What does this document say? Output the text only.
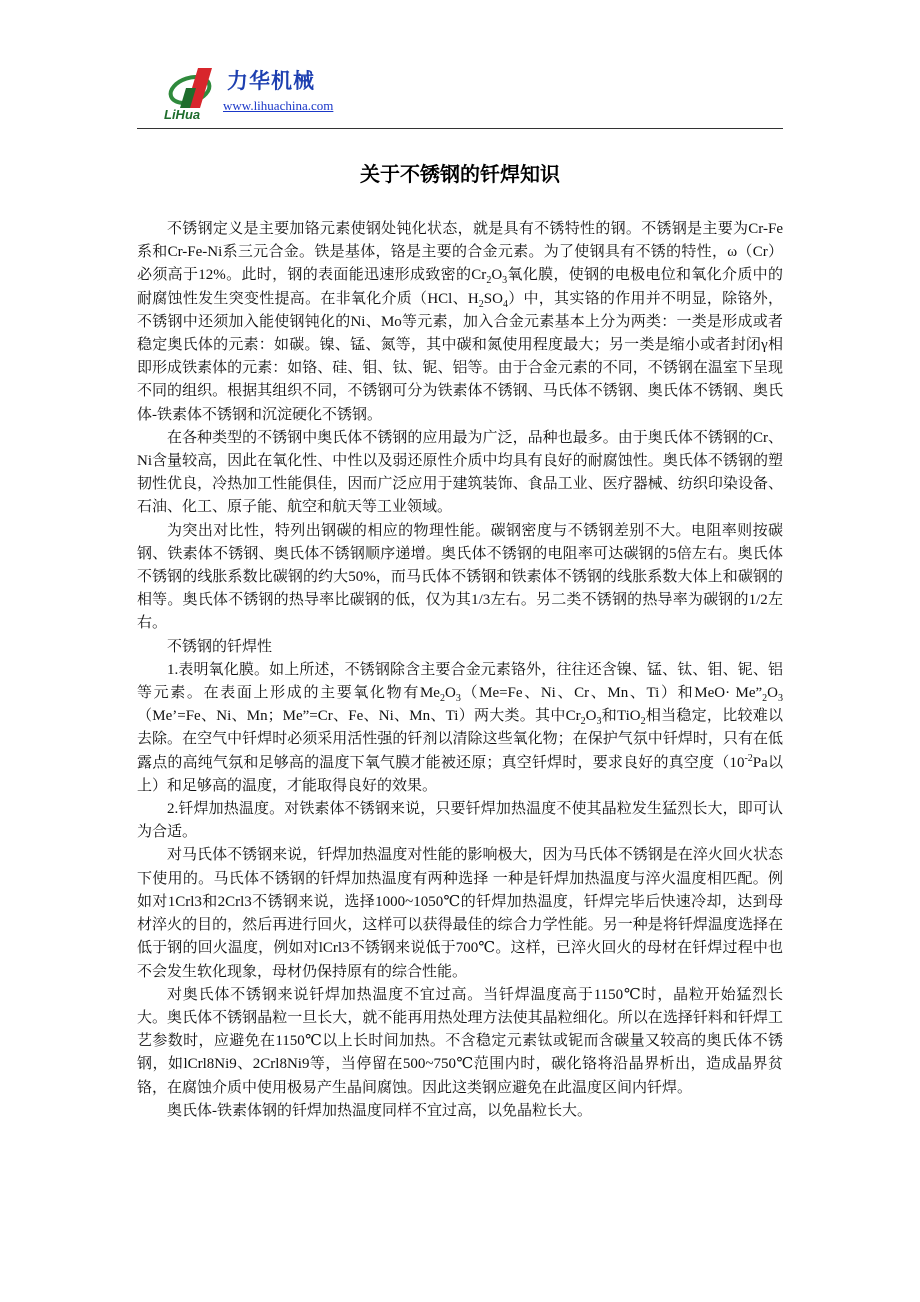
LiHua
力华机械
www.lihuachina.com
关于不锈钢的钎焊知识

不锈钢定义是主要加铬元素使钢处钝化状态，就是具有不锈特性的钢。不锈钢是主要为Cr-Fe系和Cr-Fe-Ni系三元合金。铁是基体，铬是主要的合金元素。为了使钢具有不锈的特性，ω（Cr）必须高于12%。此时，钢的表面能迅速形成致密的$Cr_2O_3$氧化膜，使钢的电极电位和氧化介质中的耐腐蚀性发生突变性提高。在非氧化介质（HCl、$H_2SO_4$）中，其实铬的作用并不明显，除铬外，不锈钢中还须加入能使钢钝化的Ni、Mo等元素，加入合金元素基本上分为两类：一类是形成或者稳定奥氏体的元素：如碳。镍、锰、氮等，其中碳和氮使用程度最大；另一类是缩小或者封闭γ相即形成铁素体的元素：如铬、硅、钼、钛、铌、铝等。由于合金元素的不同，不锈钢在温室下呈现不同的组织。根据其组织不同，不锈钢可分为铁素体不锈钢、马氏体不锈钢、奥氏体不锈钢、奥氏体-铁素体不锈钢和沉淀硬化不锈钢。

在各种类型的不锈钢中奥氏体不锈钢的应用最为广泛，品种也最多。由于奥氏体不锈钢的Cr、Ni含量较高，因此在氧化性、中性以及弱还原性介质中均具有良好的耐腐蚀性。奥氏体不锈钢的塑韧性优良，冷热加工性能俱佳，因而广泛应用于建筑装饰、食品工业、医疗器械、纺织印染设备、石油、化工、原子能、航空和航天等工业领域。

为突出对比性，特列出钢碳的相应的物理性能。碳钢密度与不锈钢差别不大。电阻率则按碳钢、铁素体不锈钢、奥氏体不锈钢顺序递增。奥氏体不锈钢的电阻率可达碳钢的5倍左右。奥氏体不锈钢的线胀系数比碳钢的约大50%，而马氏体不锈钢和铁素体不锈钢的线胀系数大体上和碳钢的相等。奥氏体不锈钢的热导率比碳钢的低，仅为其1/3左右。另二类不锈钢的热导率为碳钢的1/2左右。

不锈钢的钎焊性

1.表明氧化膜。如上所述，不锈钢除含主要合金元素铬外，往往还含镍、锰、钛、钼、铌、铝等元素。在表面上形成的主要氧化物有$Me_2O_3(Me=Fe$、Ni、Cr、Mn、Ti）和$MeO\cdot Me”_2O_3(Me’=Fe$、Ni、Mn；Me”=Cr、Fe、Ni、Mn、Ti）两大类。其中$Cr_2O_3$和TiO$_2$相当稳定，比较难以去除。在空气中钎焊时必须采用活性强的钎剂以清除这些氧化物；在保护气氛中钎焊时，只有在低露点的高纯气氛和足够高的温度下氧气膜才能被还原；真空钎焊时，要求良好的真空度（$10^{-2}Pa$以上）和足够高的温度，才能取得良好的效果。

2.钎焊加热温度。对铁素体不锈钢来说，只要钎焊加热温度不使其晶粒发生猛烈长大，即可认为合适。

对马氏体不锈钢来说，钎焊加热温度对性能的影响极大，因为马氏体不锈钢是在淬火回火状态下使用的。马氏体不锈钢的钎焊加热温度有两种选择 一种是钎焊加热温度与淬火温度相匹配。例如对1Crl3和2Crl3不锈钢来说，选择1000~1050℃的钎焊加热温度，钎焊完毕后快速冷却，达到母材淬火的目的，然后再进行回火，这样可以获得最佳的综合力学性能。另一种是将钎焊温度选择在低于钢的回火温度，例如对lCrl3不锈钢来说低于700℃。这样，已淬火回火的母材在钎焊过程中也不会发生软化现象，母材仍保持原有的综合性能。

对奥氏体不锈钢来说钎焊加热温度不宜过高。当钎焊温度高于1150℃时，晶粒开始猛烈长大。奥氏体不锈钢晶粒一旦长大，就不能再用热处理方法使其晶粒细化。所以在选择钎料和钎焊工艺参数时，应避免在1150℃以上长时间加热。不含稳定元素钛或铌而含碳量又较高的奥氏体不锈钢，如lCrl8Ni9、2Crl8Ni9等，当停留在500~750℃范围内时，碳化铬将沿晶界析出，造成晶界贫铬，在腐蚀介质中使用极易产生晶间腐蚀。因此这类钢应避免在此温度区间内钎焊。

奥氏体-铁素体钢的钎焊加热温度同样不宜过高，以免晶粒长大。
